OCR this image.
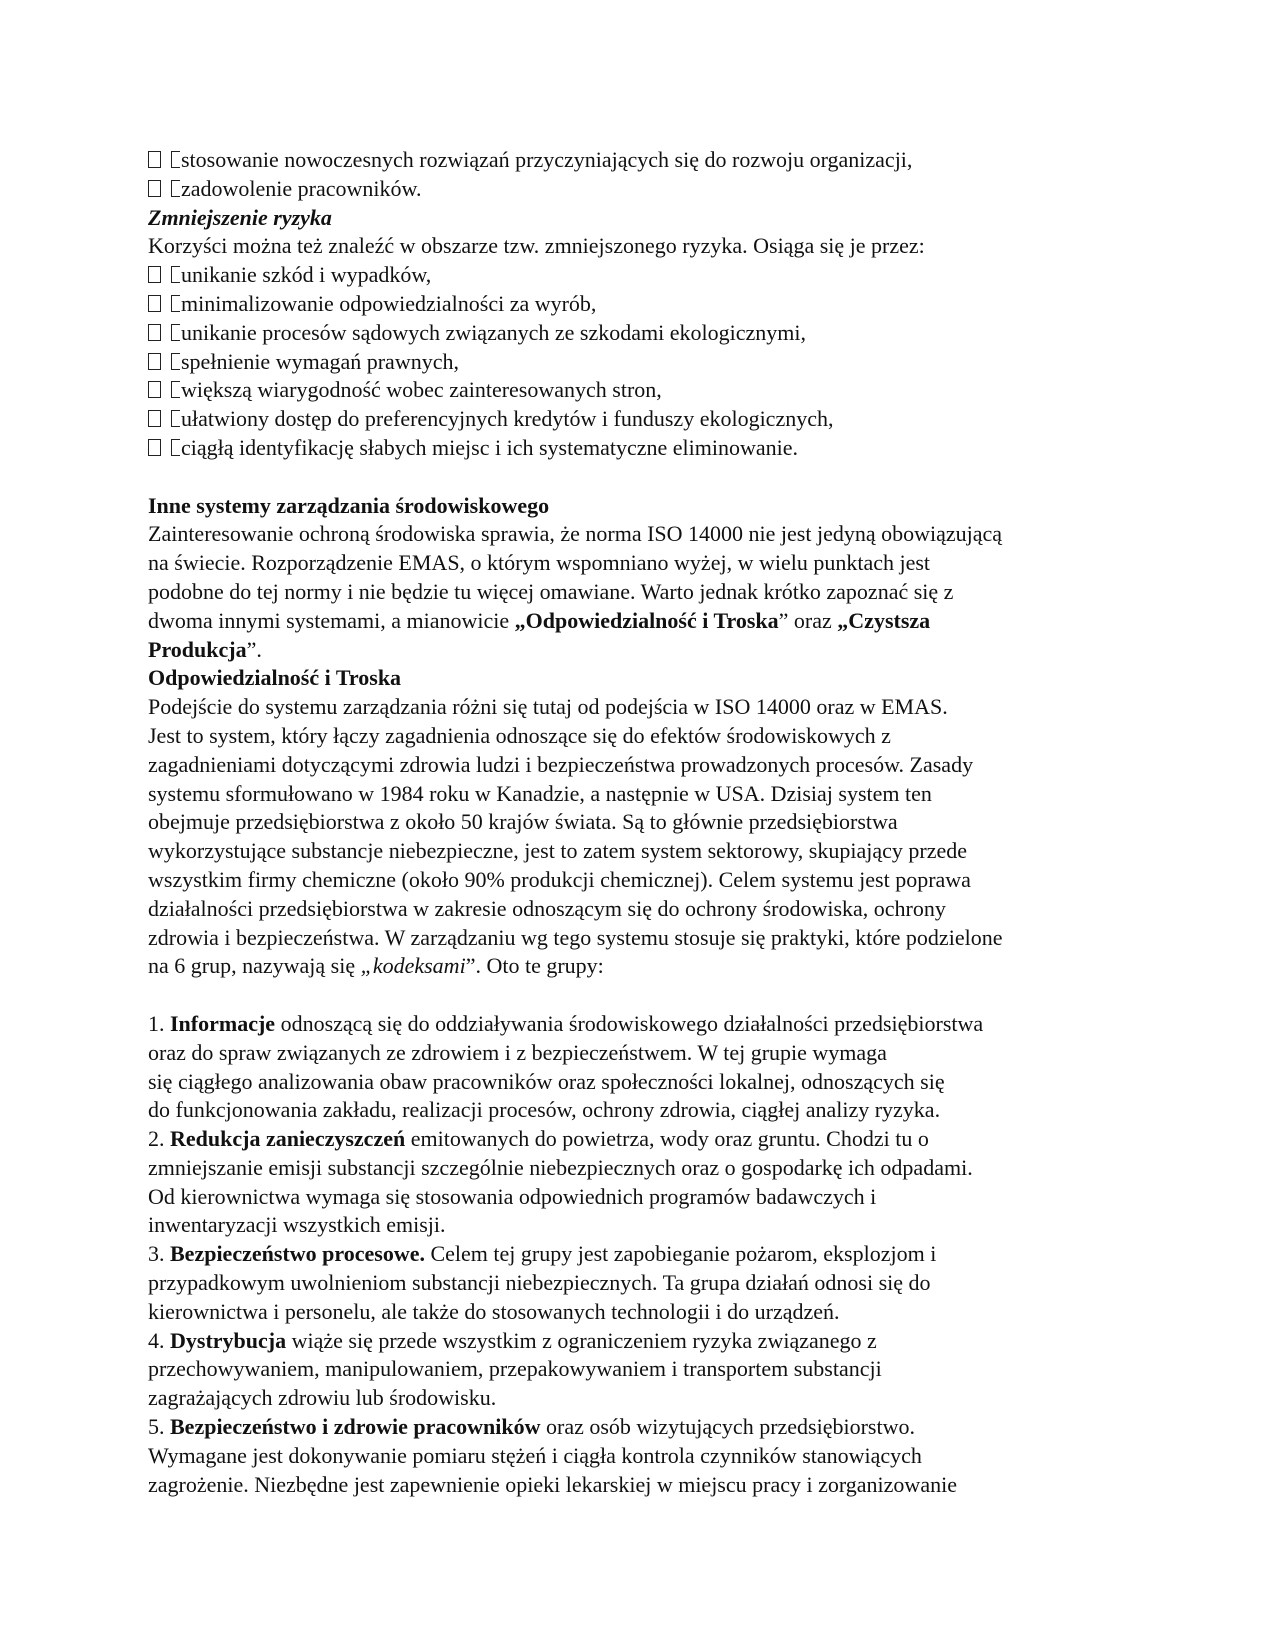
stosowanie nowoczesnych rozwiązań przyczyniających się do rozwoju organizacji,
zadowolenie pracowników.
Zmniejszenie ryzyka
Korzyści można też znaleźć w obszarze tzw. zmniejszonego ryzyka. Osiąga się je przez:
unikanie szkód i wypadków,
minimalizowanie odpowiedzialności za wyrób,
unikanie procesów sądowych związanych ze szkodami ekologicznymi,
spełnienie wymagań prawnych,
większą wiarygodność wobec zainteresowanych stron,
ułatwiony dostęp do preferencyjnych kredytów i funduszy ekologicznych,
ciągłą identyfikację słabych miejsc i ich systematyczne eliminowanie.
Inne systemy zarządzania środowiskowego
Zainteresowanie ochroną środowiska sprawia, że norma ISO 14000 nie jest jedyną obowiązującą
na świecie. Rozporządzenie EMAS, o którym wspomniano wyżej, w wielu punktach jest
podobne do tej normy i nie będzie tu więcej omawiane. Warto jednak krótko zapoznać się z
dwoma innymi systemami, a mianowicie „Odpowiedzialność i Troska” oraz „Czystsza
Produkcja”.
Odpowiedzialność i Troska
Podejście do systemu zarządzania różni się tutaj od podejścia w ISO 14000 oraz w EMAS.
Jest to system, który łączy zagadnienia odnoszące się do efektów środowiskowych z
zagadnieniami dotyczącymi zdrowia ludzi i bezpieczeństwa prowadzonych procesów. Zasady
systemu sformułowano w 1984 roku w Kanadzie, a następnie w USA. Dzisiaj system ten
obejmuje przedsiębiorstwa z około 50 krajów świata. Są to głównie przedsiębiorstwa
wykorzystujące substancje niebezpieczne, jest to zatem system sektorowy, skupiający przede
wszystkim firmy chemiczne (około 90% produkcji chemicznej). Celem systemu jest poprawa
działalności przedsiębiorstwa w zakresie odnoszącym się do ochrony środowiska, ochrony
zdrowia i bezpieczeństwa. W zarządzaniu wg tego systemu stosuje się praktyki, które podzielone
na 6 grup, nazywają się „kodeksami”. Oto te grupy:
1. Informacje odnoszącą się do oddziaływania środowiskowego działalności przedsiębiorstwa
oraz do spraw związanych ze zdrowiem i z bezpieczeństwem. W tej grupie wymaga
się ciągłego analizowania obaw pracowników oraz społeczności lokalnej, odnoszących się
do funkcjonowania zakładu, realizacji procesów, ochrony zdrowia, ciągłej analizy ryzyka.
2. Redukcja zanieczyszczeń emitowanych do powietrza, wody oraz gruntu. Chodzi tu o
zmniejszanie emisji substancji szczególnie niebezpiecznych oraz o gospodarkę ich odpadami.
Od kierownictwa wymaga się stosowania odpowiednich programów badawczych i
inwentaryzacji wszystkich emisji.
3. Bezpieczeństwo procesowe. Celem tej grupy jest zapobieganie pożarom, eksplozjom i
przypadkowym uwolnieniom substancji niebezpiecznych. Ta grupa działań odnosi się do
kierownictwa i personelu, ale także do stosowanych technologii i do urządzeń.
4. Dystrybucja wiąże się przede wszystkim z ograniczeniem ryzyka związanego z
przechowywaniem, manipulowaniem, przepakowywaniem i transportem substancji
zagrażających zdrowiu lub środowisku.
5. Bezpieczeństwo i zdrowie pracowników oraz osób wizytujących przedsiębiorstwo.
Wymagane jest dokonywanie pomiaru stężeń i ciągła kontrola czynników stanowiących
zagrożenie. Niezbędne jest zapewnienie opieki lekarskiej w miejscu pracy i zorganizowanie
